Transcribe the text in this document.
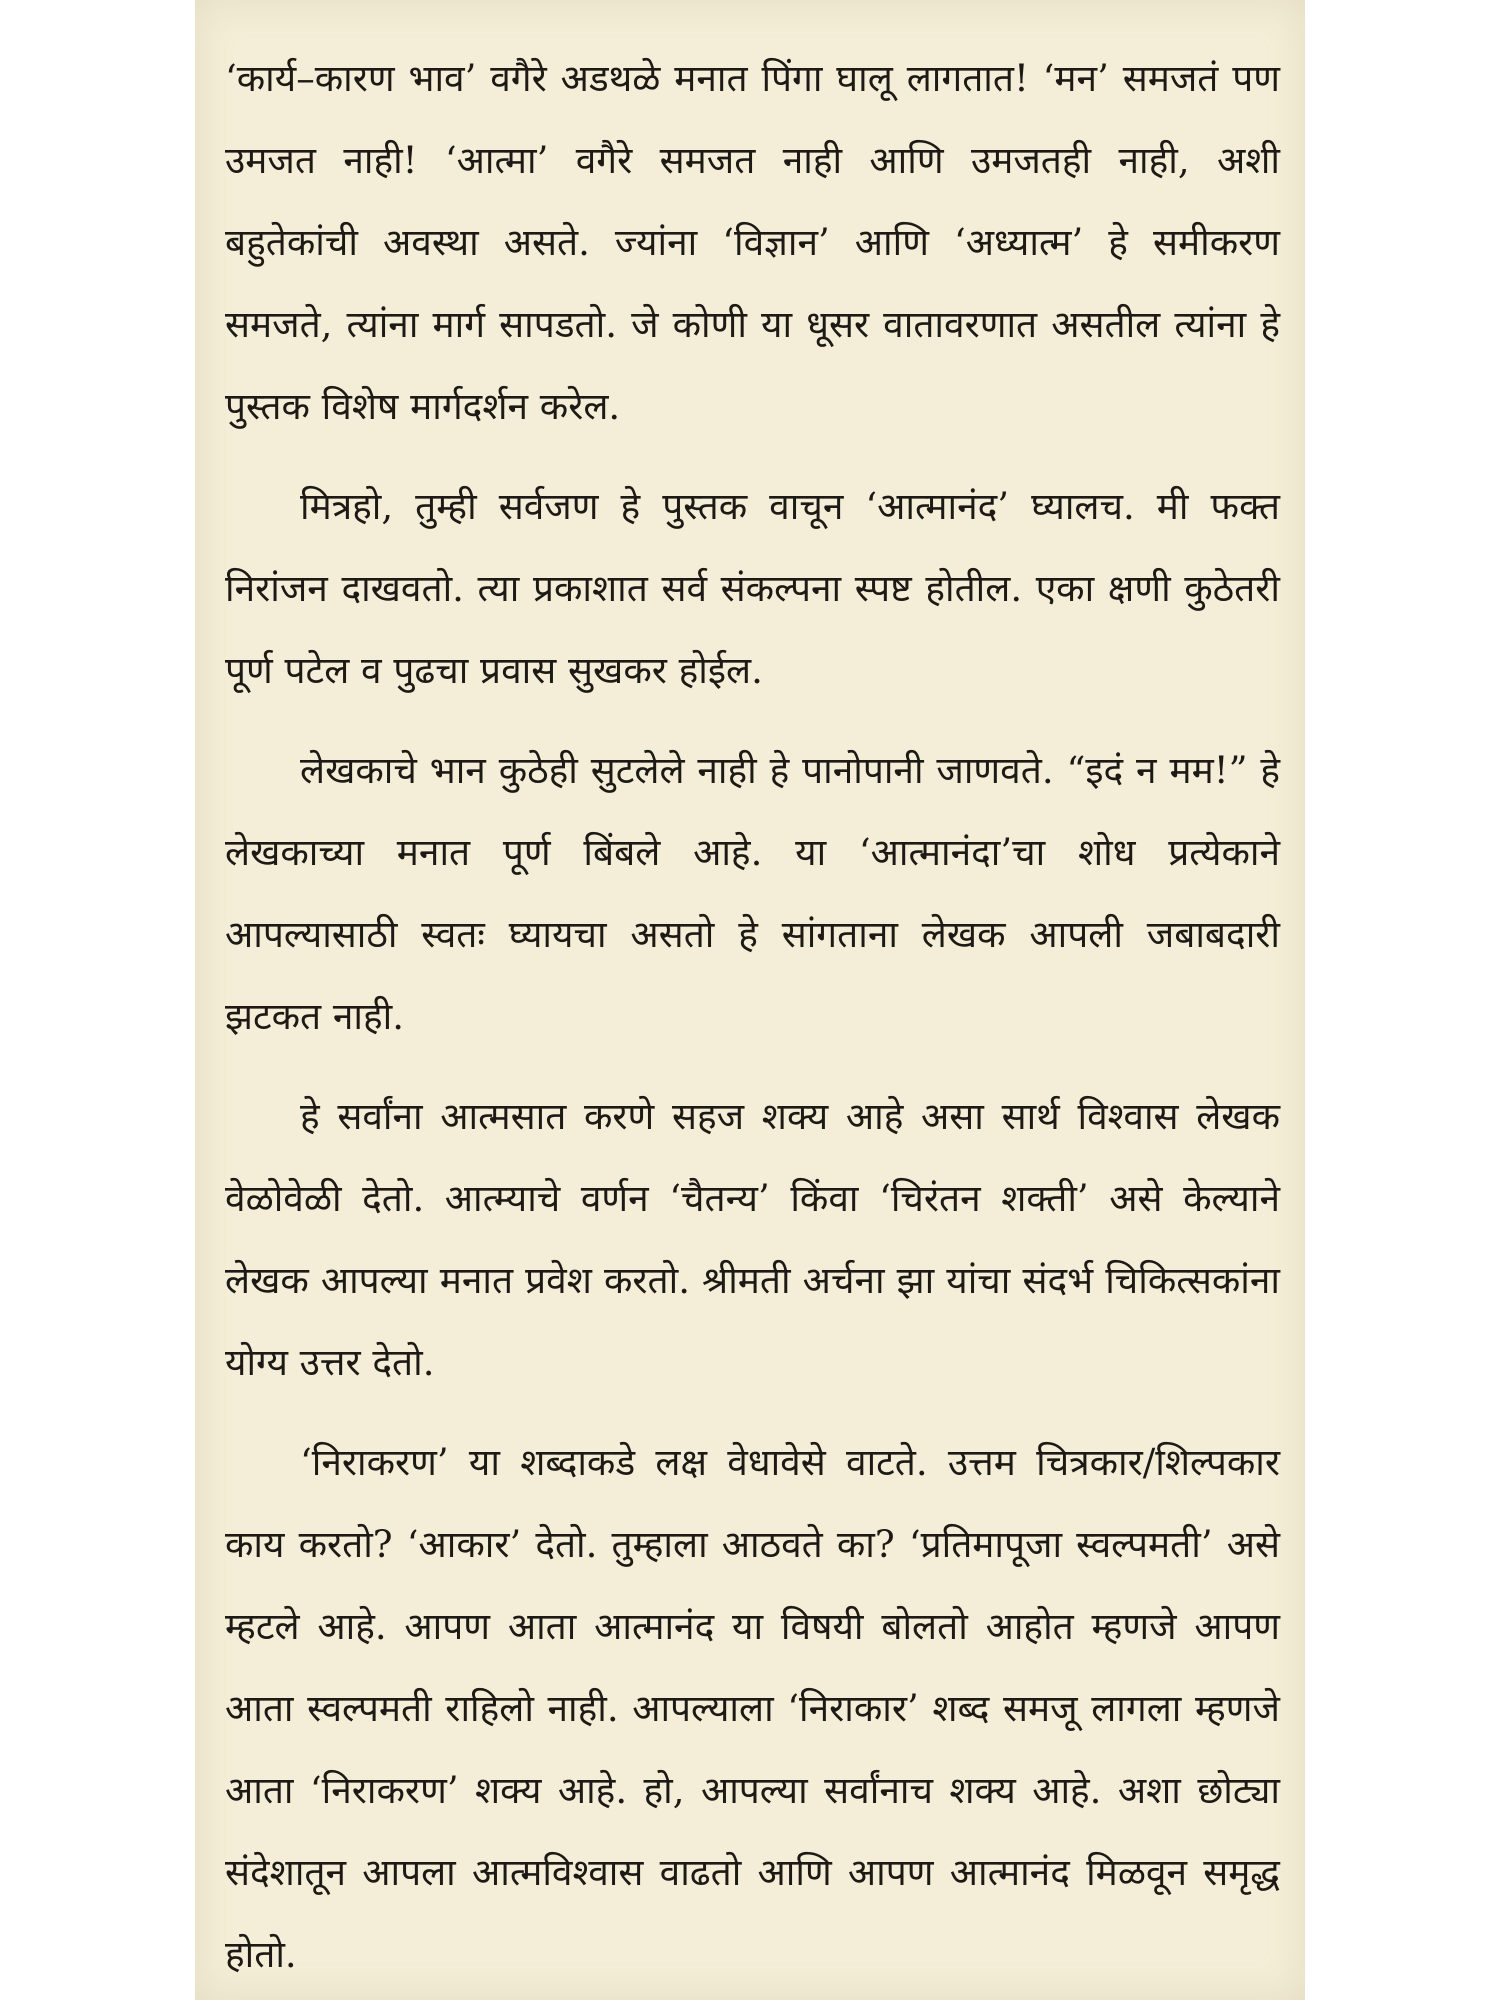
‘कार्य–कारण भाव’ वगैरे अडथळे मनात पिंगा घालू लागतात! ‘मन’ समजतं पण उमजत नाही! ‘आत्मा’ वगैरे समजत नाही आणि उमजतही नाही, अशी बहुतेकांची अवस्था असते. ज्यांना ‘विज्ञान’ आणि ‘अध्यात्म’ हे समीकरण समजते, त्यांना मार्ग सापडतो. जे कोणी या धूसर वातावरणात असतील त्यांना हे पुस्तक विशेष मार्गदर्शन करेल.

मित्रहो, तुम्ही सर्वजण हे पुस्तक वाचून ‘आत्मानंद’ घ्यालच. मी फक्त निरांजन दाखवतो. त्या प्रकाशात सर्व संकल्पना स्पष्ट होतील. एका क्षणी कुठेतरी पूर्ण पटेल व पुढचा प्रवास सुखकर होईल.

लेखकाचे भान कुठेही सुटलेले नाही हे पानोपानी जाणवते. “इदं न मम!” हे लेखकाच्या मनात पूर्ण बिंबले आहे. या ‘आत्मानंदा’चा शोध प्रत्येकाने आपल्यासाठी स्वतः घ्यायचा असतो हे सांगताना लेखक आपली जबाबदारी झटकत नाही.

हे सर्वांना आत्मसात करणे सहज शक्य आहे असा सार्थ विश्वास लेखक वेळोवेळी देतो. आत्म्याचे वर्णन ‘चैतन्य’ किंवा ‘चिरंतन शक्ती’ असे केल्याने लेखक आपल्या मनात प्रवेश करतो. श्रीमती अर्चना झा यांचा संदर्भ चिकित्सकांना योग्य उत्तर देतो.

‘निराकरण’ या शब्दाकडे लक्ष वेधावेसे वाटते. उत्तम चित्रकार/शिल्पकार काय करतो? ‘आकार’ देतो. तुम्हाला आठवते का? ‘प्रतिमापूजा स्वल्पमती’ असे म्हटले आहे. आपण आता आत्मानंद या विषयी बोलतो आहोत म्हणजे आपण आता स्वल्पमती राहिलो नाही. आपल्याला ‘निराकार’ शब्द समजू लागला म्हणजे आता ‘निराकरण’ शक्य आहे. हो, आपल्या सर्वांनाच शक्य आहे. अशा छोट्या संदेशातून आपला आत्मविश्वास वाढतो आणि आपण आत्मानंद मिळवून समृद्ध होतो.
